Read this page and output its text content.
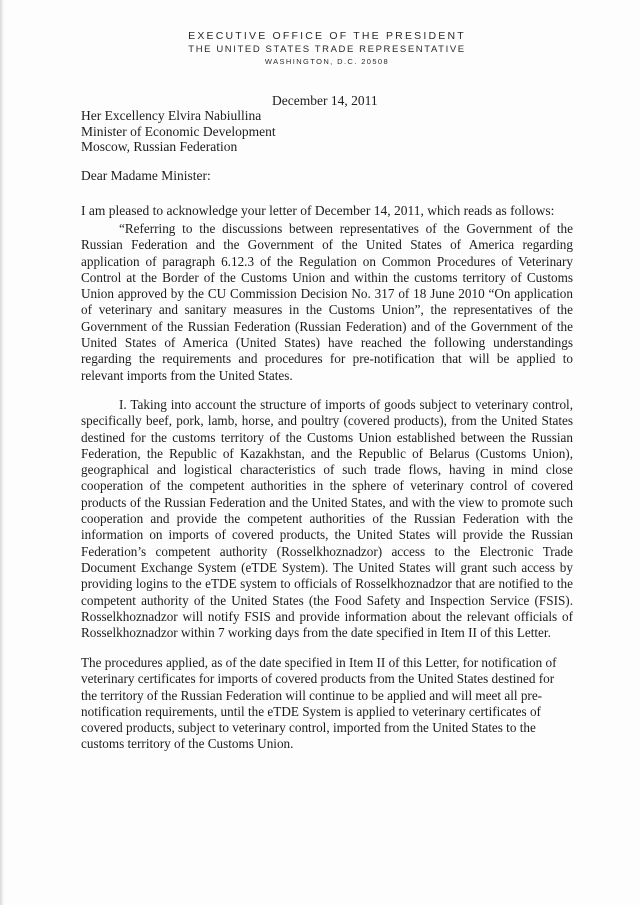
EXECUTIVE OFFICE OF THE PRESIDENT
THE UNITED STATES TRADE REPRESENTATIVE
WASHINGTON, D.C. 20508
December 14, 2011
Her Excellency Elvira Nabiullina
Minister of Economic Development
Moscow, Russian Federation
Dear Madame Minister:
I am pleased to acknowledge your letter of December 14, 2011, which reads as follows:
“Referring to the discussions between representatives of the Government of the Russian Federation and the Government of the United States of America regarding application of paragraph 6.12.3 of the Regulation on Common Procedures of Veterinary Control at the Border of the Customs Union and within the customs territory of Customs Union approved by the CU Commission Decision No. 317 of 18 June 2010 “On application of veterinary and sanitary measures in the Customs Union”, the representatives of the Government of the Russian Federation (Russian Federation) and of the Government of the United States of America (United States) have reached the following understandings regarding the requirements and procedures for pre-notification that will be applied to relevant imports from the United States.
I. Taking into account the structure of imports of goods subject to veterinary control, specifically beef, pork, lamb, horse, and poultry (covered products), from the United States destined for the customs territory of the Customs Union established between the Russian Federation, the Republic of Kazakhstan, and the Republic of Belarus (Customs Union), geographical and logistical characteristics of such trade flows, having in mind close cooperation of the competent authorities in the sphere of veterinary control of covered products of the Russian Federation and the United States, and with the view to promote such cooperation and provide the competent authorities of the Russian Federation with the information on imports of covered products, the United States will provide the Russian Federation’s competent authority (Rosselkhoznadzor) access to the Electronic Trade Document Exchange System (eTDE System). The United States will grant such access by providing logins to the eTDE system to officials of Rosselkhoznadzor that are notified to the competent authority of the United States (the Food Safety and Inspection Service (FSIS). Rosselkhoznadzor will notify FSIS and provide information about the relevant officials of Rosselkhoznadzor within 7 working days from the date specified in Item II of this Letter.
The procedures applied, as of the date specified in Item II of this Letter, for notification of veterinary certificates for imports of covered products from the United States destined for the territory of the Russian Federation will continue to be applied and will meet all pre-notification requirements, until the eTDE System is applied to veterinary certificates of covered products, subject to veterinary control, imported from the United States to the customs territory of the Customs Union.
